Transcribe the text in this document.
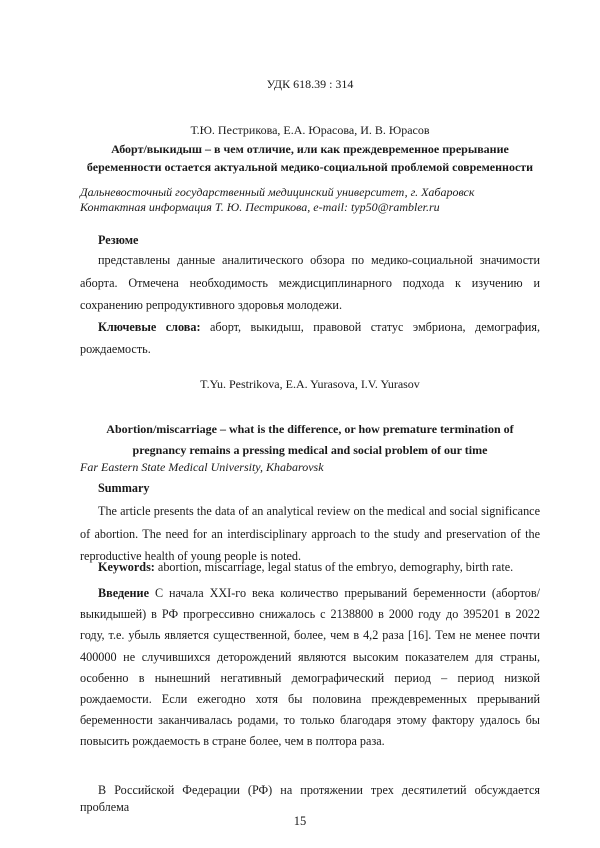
УДК 618.39 : 314
Т.Ю. Пестрикова, Е.А. Юрасова, И. В. Юрасов
Аборт/выкидыш – в чем отличие, или как преждевременное прерывание беременности остается актуальной медико-социальной проблемой современности
Дальневосточный государственный медицинский университет, г. Хабаровск
Контактная информация Т. Ю. Пестрикова, e-mail: typ50@rambler.ru
Резюме
представлены данные аналитического обзора по медико-социальной значимости аборта. Отмечена необходимость междисциплинарного подхода к изучению и сохранению репродуктивного здоровья молодежи.
Ключевые слова: аборт, выкидыш, правовой статус эмбриона, демография, рождаемость.
T.Yu. Pestrikova, E.A. Yurasova, I.V. Yurasov
Abortion/miscarriage – what is the difference, or how premature termination of pregnancy remains a pressing medical and social problem of our time
Far Eastern State Medical University, Khabarovsk
Summary
The article presents the data of an analytical review on the medical and social significance of abortion. The need for an interdisciplinary approach to the study and preservation of the reproductive health of young people is noted.
Keywords: abortion, miscarriage, legal status of the embryo, demography, birth rate.
Введение С начала XXI-го века количество прерываний беременности (абортов/выкидышей) в РФ прогрессивно снижалось с 2138800 в 2000 году до 395201 в 2022 году, т.е. убыль является существенной, более, чем в 4,2 раза [16]. Тем не менее почти 400000 не случившихся деторождений являются высоким показателем для страны, особенно в нынешний негативный демографический период – период низкой рождаемости. Если ежегодно хотя бы половина преждевременных прерываний беременности заканчивалась родами, то только благодаря этому фактору удалось бы повысить рождаемость в стране более, чем в полтора раза.
В Российской Федерации (РФ) на протяжении трех десятилетий обсуждается проблема
15
